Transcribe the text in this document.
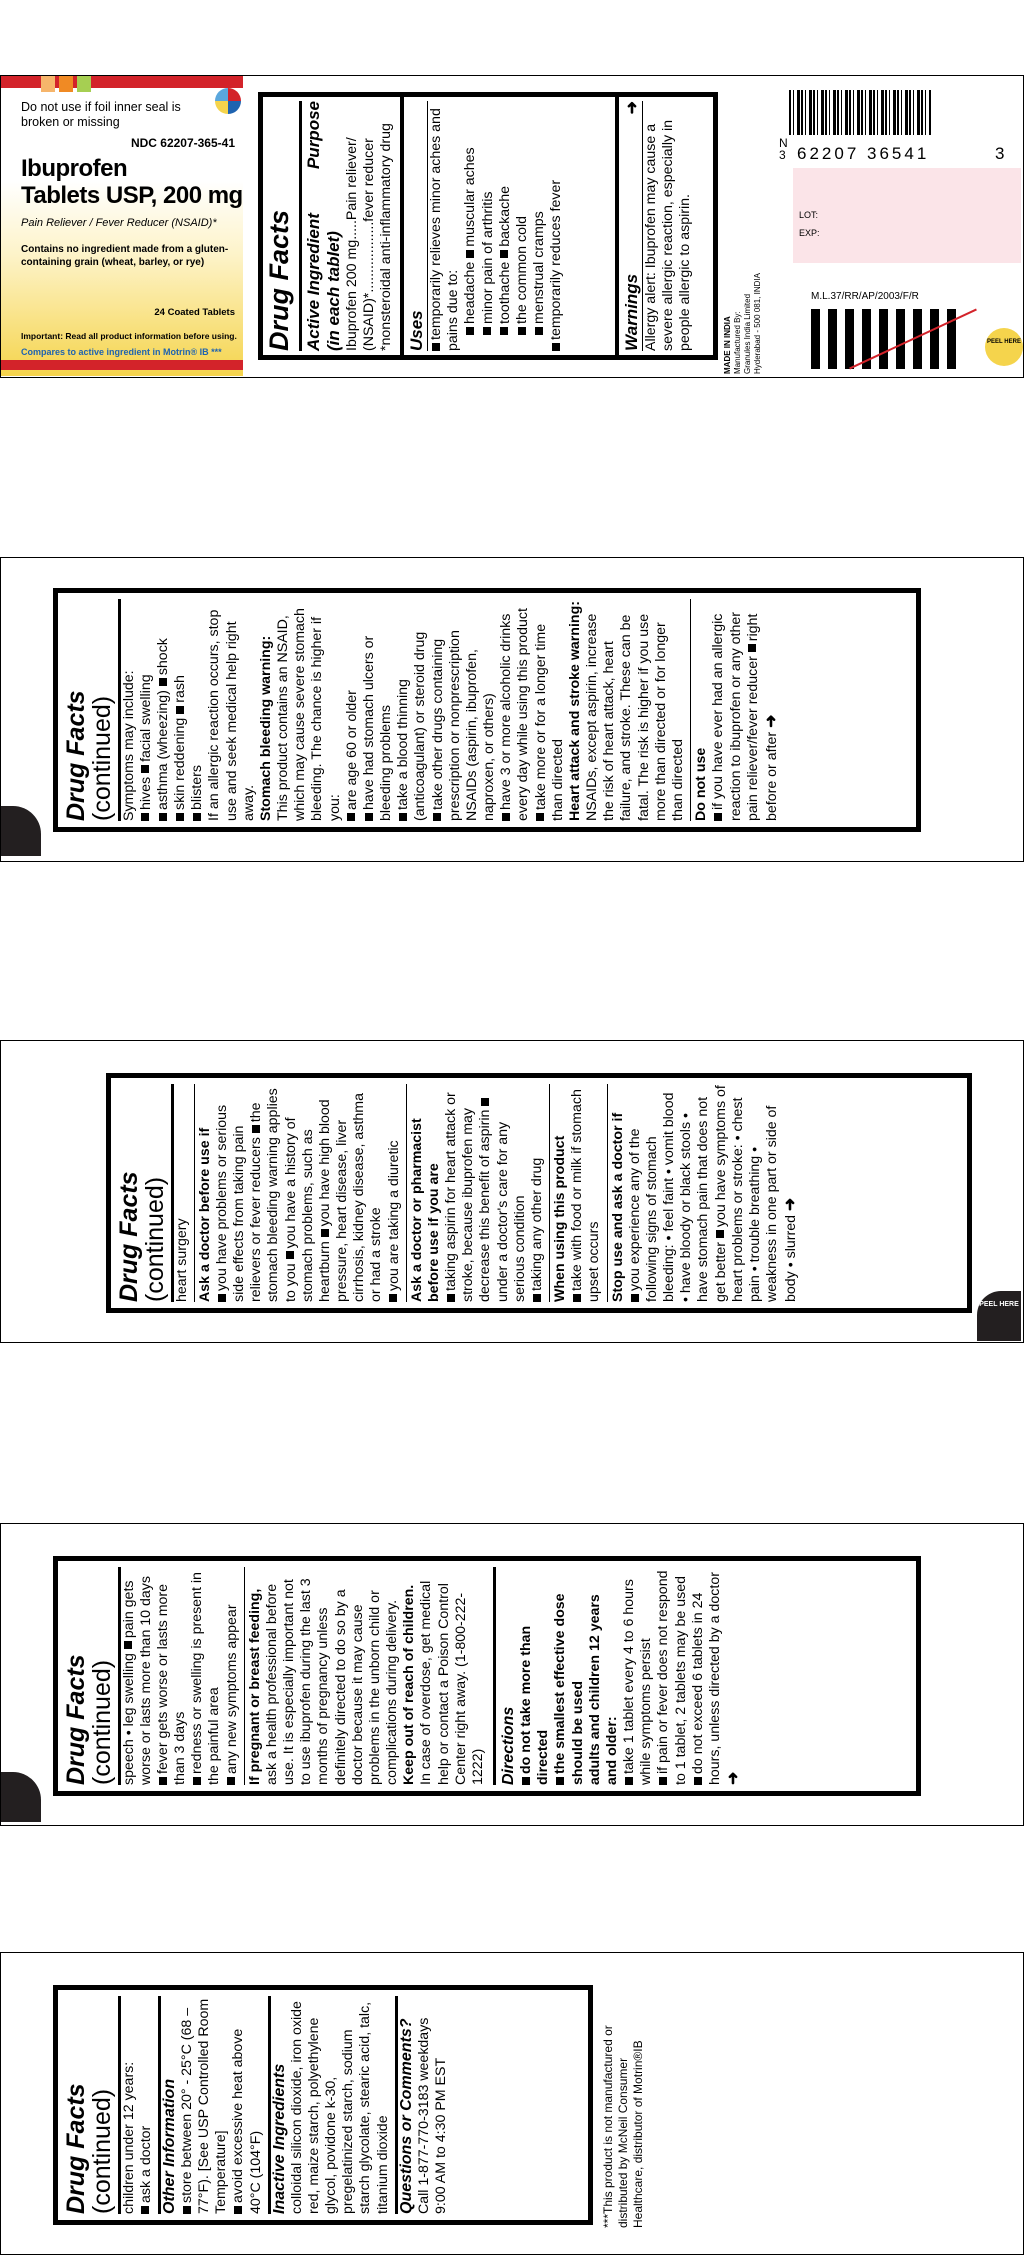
Do not use if foil inner seal is broken or missing
NDC 62207-365-41
Ibuprofen
Tablets USP, 200 mg
Pain Reliever / Fever Reducer (NSAID)*
Contains no ingredient made from a gluten-containing grain (wheat, barley, or rye)
24 Coated Tablets
Important: Read all product information before using.
Compares to active ingredient in Motrin® IB ***
Drug Facts Active Ingredient
Purpose
(in each tablet) Ibuprofen 200 mg.....Pain reliever/ (NSAID)*..................fever reducer *nonsteroidal anti-inflammatory drug Uses temporarily relieves minor aches and pains due to: headache muscular aches minor pain of arthritis toothache backache the common cold menstrual cramps temporarily reduces fever	Warnings Allergy alert: Ibuprofen may cause a severe allergic reaction, especially in people allergic to aspirin.
➜
N
3 62207 36541	3
LOT:
EXP:
M.L.37/RR/AP/2003/F/R
PEEL HERE
MADE IN INDIA Manufactured By: Granules India Limited Hyderabad - 500 081, INDIA
Drug Facts (continued) Symptoms may include: hives facial swelling asthma (wheezing) shock
skin reddening rash
blisters If an allergic reaction occurs, stop use and seek medical help right away. Stomach bleeding warning: This product contains an NSAID, which may cause severe stomach bleeding. The chance is higher if you: are age 60 or older have had stomach ulcers or bleeding problems take a blood thinning (anticoagulant) or steroid drug take other drugs containing prescription or nonprescription NSAIDs (aspirin, ibuprofen, naproxen, or others) have 3 or more alcoholic drinks every day while using this product take more or for a longer time than directed Heart attack and stroke warning: NSAIDs, except aspirin, increase the risk of heart attack, heart failure, and stroke. These can be fatal. The risk is higher if you use more than directed or for longer than directed Do not use if you have ever had an allergic reaction to ibuprofen or any other pain reliever/fever reducer right before or after ➜
Drug Facts (continued) heart surgery Ask a doctor before use if you have problems or serious side effects from taking pain relievers or fever reducers the stomach bleeding warning applies to you you have a history of stomach problems, such as heartburn you have high blood pressure, heart disease, liver cirrhosis, kidney disease, asthma or had a stroke you are taking a diuretic Ask a doctor or pharmacist before use if you are taking aspirin for heart attack or stroke, because ibuprofen may decrease this benefit of aspirin under a doctor's care for any serious condition taking any other drug When using this product take with food or milk if stomach upset occurs Stop use and ask a doctor if you experience any of the following signs of stomach bleeding: • feel faint • vomit blood • have bloody or black stools • have stomach pain that does not get better you have symptoms of heart problems or stroke: • chest pain • trouble breathing • weakness in one part or side of body • slurred ➜
PEEL HERE
Drug Facts (continued) speech • leg swelling pain gets worse or lasts more than 10 days fever gets worse or lasts more than 3 days redness or swelling is present in the painful area any new symptoms appear If pregnant or breast feeding, ask a health professional before use. It is especially important not to use ibuprofen during the last 3 months of pregnancy unless definitely directed to do so by a doctor because it may cause problems in the unborn child or complications during delivery. Keep out of reach of children. In case of overdose, get medical help or contact a Poison Control Center right away. (1-800-222-1222) Directions do not take more than directed the smallest effective dose should be used adults and children 12 years and older: take 1 tablet every 4 to 6 hours while symptoms persist if pain or fever does not respond to 1 tablet, 2 tablets may be used do not exceed 6 tablets in 24 hours, unless directed by a doctor ➜
Drug Facts (continued) children under 12 years: ask a doctor Other Information store between 20° - 25°C (68 – 77°F). [See USP Controlled Room Temperature] avoid excessive heat above 40°C (104°F) Inactive Ingredients colloidal silicon dioxide, iron oxide red, maize starch, polyethylene glycol, povidone k-30, pregelatinized starch, sodium starch glycolate, stearic acid, talc, titanium dioxide Questions or Comments? Call 1-877-770-3183 weekdays 9:00 AM to 4:30 PM EST	***This product is not manufactured or distributed by McNeil Consumer Healthcare, distributor of Motrin®IB
